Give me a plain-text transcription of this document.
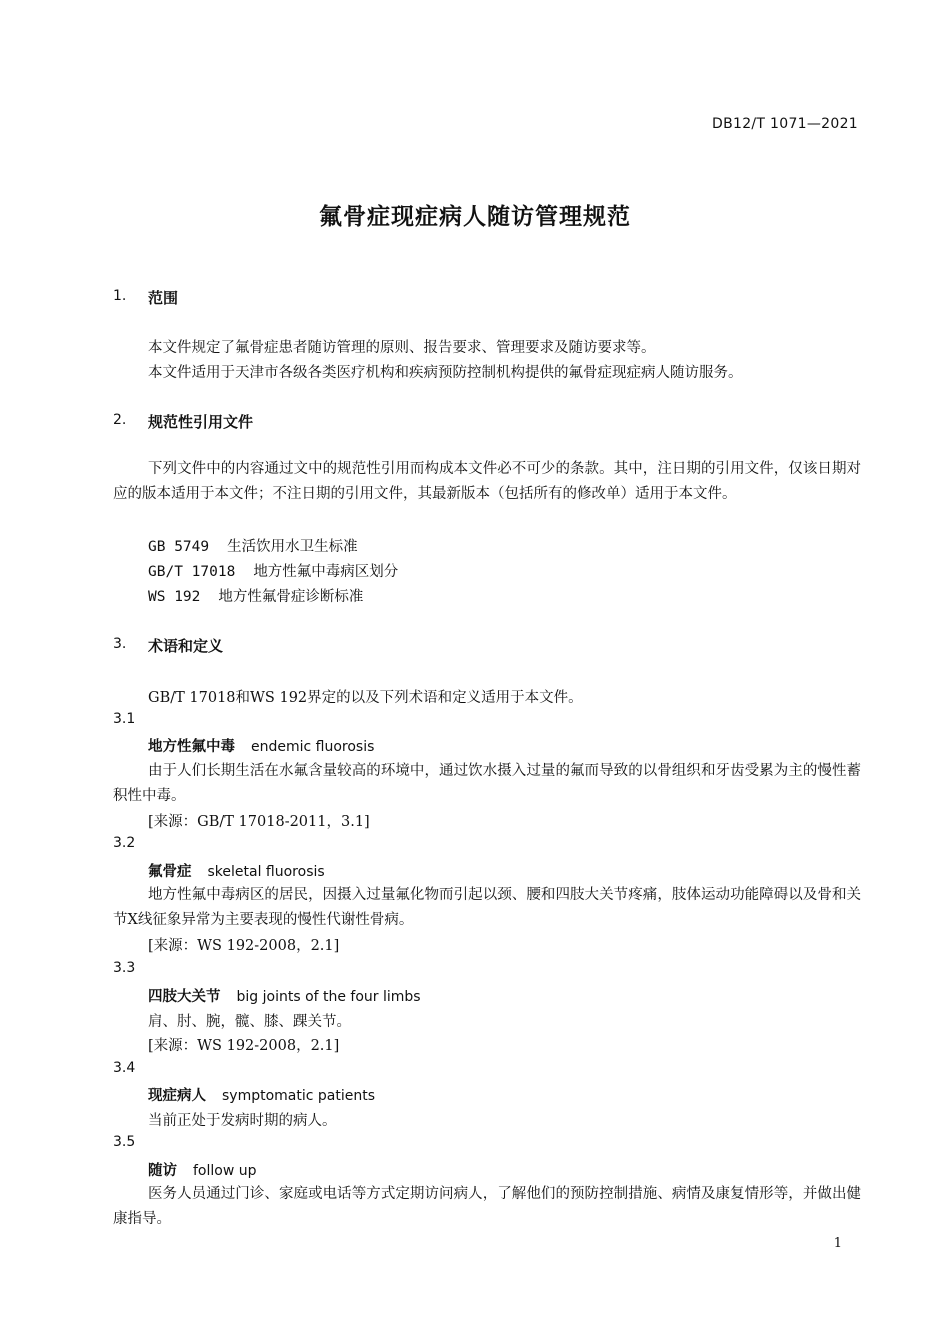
DB12/T 1071—2021
氟骨症现症病人随访管理规范
1. 范围
本文件规定了氟骨症患者随访管理的原则、报告要求、管理要求及随访要求等。
本文件适用于天津市各级各类医疗机构和疾病预防控制机构提供的氟骨症现症病人随访服务。
2. 规范性引用文件
下列文件中的内容通过文中的规范性引用而构成本文件必不可少的条款。其中，注日期的引用文件，仅该日期对应的版本适用于本文件；不注日期的引用文件，其最新版本（包括所有的修改单）适用于本文件。
GB 5749 生活饮用水卫生标准
GB/T 17018 地方性氟中毒病区划分
WS 192 地方性氟骨症诊断标准
3. 术语和定义
GB/T 17018和WS 192界定的以及下列术语和定义适用于本文件。
3.1
地方性氟中毒 endemic fluorosis
由于人们长期生活在水氟含量较高的环境中，通过饮水摄入过量的氟而导致的以骨组织和牙齿受累为主的慢性蓄积性中毒。
[来源：GB/T 17018-2011，3.1]
3.2
氟骨症 skeletal fluorosis
地方性氟中毒病区的居民，因摄入过量氟化物而引起以颈、腰和四肢大关节疼痛，肢体运动功能障碍以及骨和关节X线征象异常为主要表现的慢性代谢性骨病。
[来源：WS 192-2008，2.1]
3.3
四肢大关节 big joints of the four limbs
肩、肘、腕，髋、膝、踝关节。
[来源：WS 192-2008，2.1]
3.4
现症病人 symptomatic patients
当前正处于发病时期的病人。
3.5
随访 follow up
医务人员通过门诊、家庭或电话等方式定期访问病人，了解他们的预防控制措施、病情及康复情形等，并做出健康指导。
1
